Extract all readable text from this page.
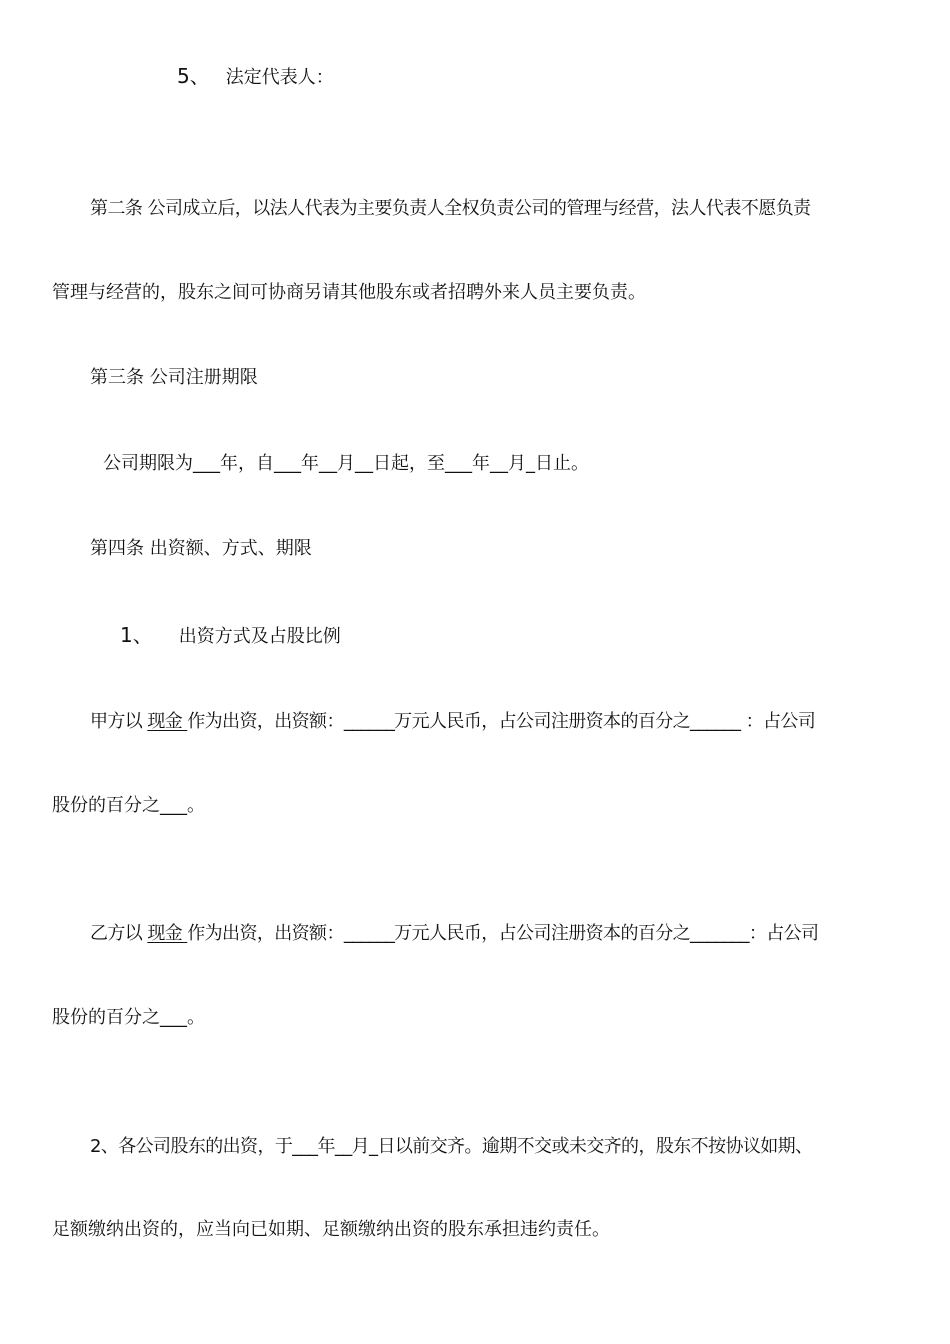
5、 法定代表人：

第二条 公司成立后，以法人代表为主要负责人全权负责公司的管理与经营，法人代表不愿负责

管理与经营的，股东之间可协商另请其他股东或者招聘外来人员主要负责。

第三条 公司注册期限

公司期限为___年，自___年__月__日起，至___年__月_日止。

第四条 出资额、方式、期限

1、 出资方式及占股比例

甲方以 现金 作为出资，出资额：______万元人民币，占公司注册资本的百分之______ ：占公司

股份的百分之___。

乙方以 现金 作为出资，出资额：______万元人民币，占公司注册资本的百分之_______：占公司

股份的百分之___。

2、各公司股东的出资，于___年__月_日以前交齐。逾期不交或未交齐的，股东不按协议如期、

足额缴纳出资的，应当向已如期、足额缴纳出资的股东承担违约责任。
